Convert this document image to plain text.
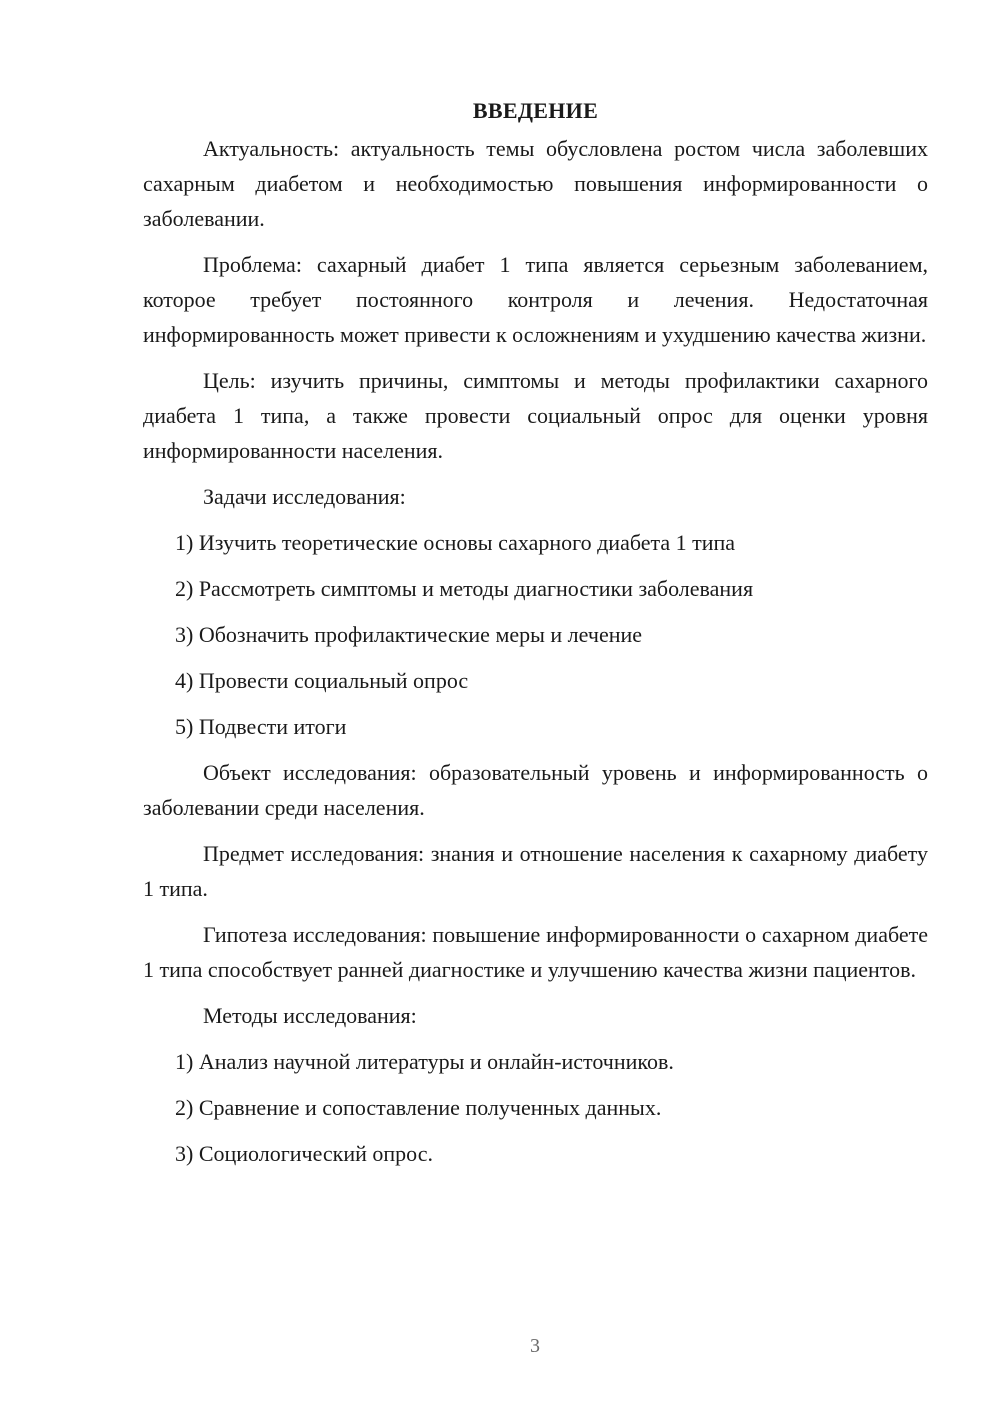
ВВЕДЕНИЕ

Актуальность: актуальность темы обусловлена ростом числа заболевших сахарным диабетом и необходимостью повышения информированности о заболевании.

Проблема: сахарный диабет 1 типа является серьезным заболеванием, которое требует постоянного контроля и лечения. Недостаточная информированность может привести к осложнениям и ухудшению качества жизни.

Цель: изучить причины, симптомы и методы профилактики сахарного диабета 1 типа, а также провести социальный опрос для оценки уровня информированности населения.

Задачи исследования:

1) Изучить теоретические основы сахарного диабета 1 типа
2) Рассмотреть симптомы и методы диагностики заболевания
3) Обозначить профилактические меры и лечение
4) Провести социальный опрос
5) Подвести итоги

Объект исследования: образовательный уровень и информированность о заболевании среди населения.

Предмет исследования: знания и отношение населения к сахарному диабету 1 типа.

Гипотеза исследования: повышение информированности о сахарном диабете 1 типа способствует ранней диагностике и улучшению качества жизни пациентов.

Методы исследования:

1) Анализ научной литературы и онлайн-источников.
2) Сравнение и сопоставление полученных данных.
3) Социологический опрос.
3
